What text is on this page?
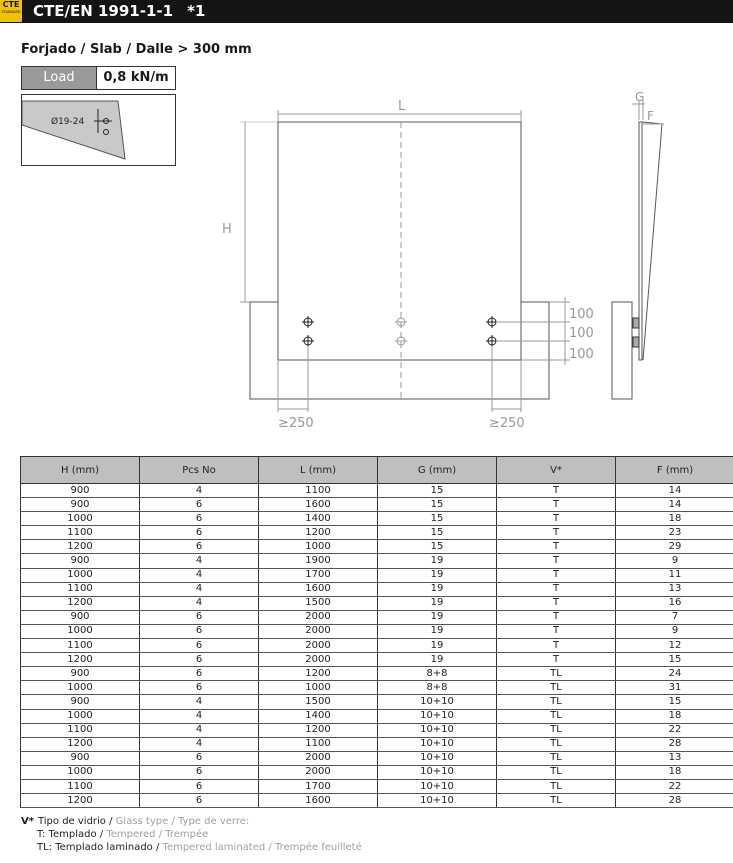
CTE
STANDARD CTE/EN 1991-1-1 *1
Forjado / Slab / Dalle > 300 mm
Load	0,8 kN/m
Ø19-24
L
H
100
100
100
≥250	≥250
G
F
H (mm)	Pcs No	L (mm)	G (mm)	V*	F (mm)
900	4	1100	15	T	14
900	6	1600	15	T	14
1000	6	1400	15	T	18
1100	6	1200	15	T	23
1200	6	1000	15	T	29
900	4	1900	19	T	9
1000	4	1700	19	T	11
1100	4	1600	19	T	13
1200	4	1500	19	T	16
900	6	2000	19	T	7
1000	6	2000	19	T	9
1100	6	2000	19	T	12
1200	6	2000	19	T	15
900	6	1200	8+8	TL	24
1000	6	1000	8+8	TL	31
900	4	1500	10+10	TL	15
1000	4	1400	10+10	TL	18
1100	4	1200	10+10	TL	22
1200	4	1100	10+10	TL	28
900	6	2000	10+10	TL	13
1000	6	2000	10+10	TL	18
1100	6	1700	10+10	TL	22
1200	6	1600	10+10	TL	28
V* Tipo de vidrio / Glass type / Type de verre:
T: Templado / Tempered / Trempée
TL: Templado laminado / Tempered laminated / Trempée feuilleté
